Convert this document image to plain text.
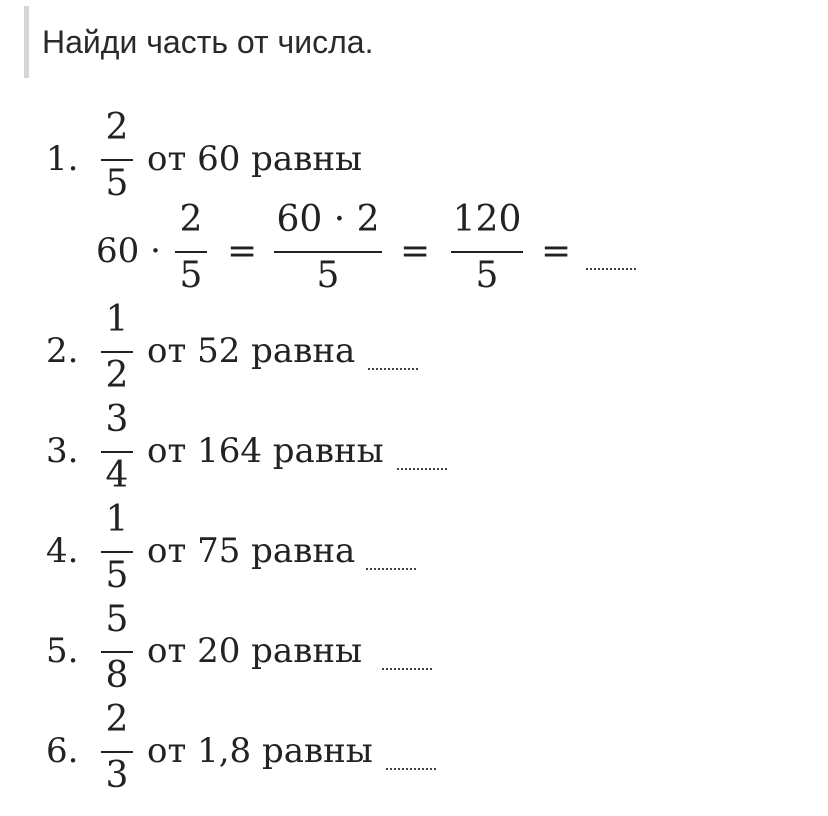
Найди часть от числа.
1.
2
5
от 60 равны
60 ·
2
5
=
60 · 2
5
=
120
5
=
2.
1
2
от 52 равна
3.
3
4
от 164 равны
4.
1
5
от 75 равна
5.
5
8
от 20 равны
6.
2
3
от 1,8 равны
